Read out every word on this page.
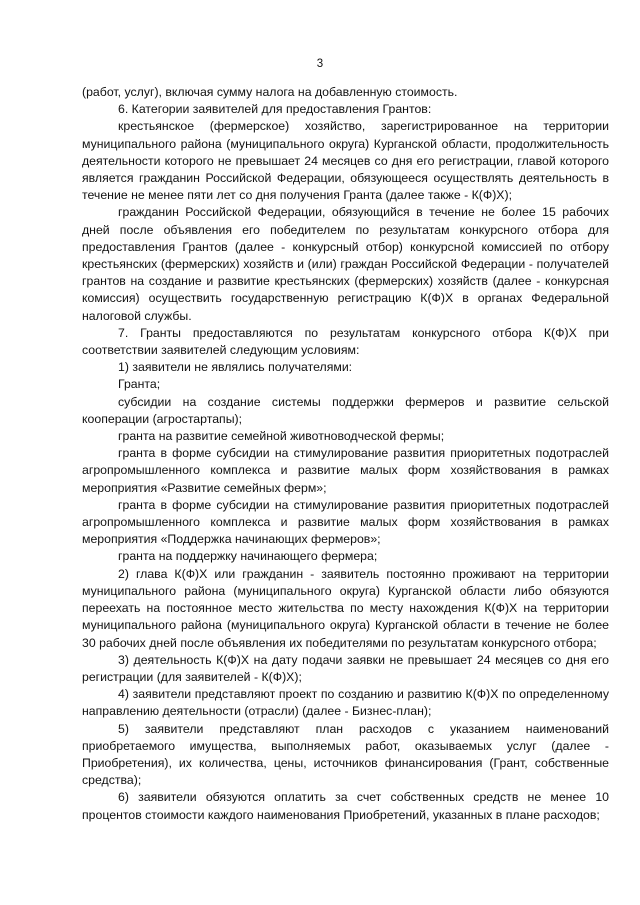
3

(работ, услуг), включая сумму налога на добавленную стоимость.

6. Категории заявителей для предоставления Грантов:

крестьянское (фермерское) хозяйство, зарегистрированное на территории муниципального района (муниципального округа) Курганской области, продолжительность деятельности которого не превышает 24 месяцев со дня его регистрации, главой которого является гражданин Российской Федерации, обязующееся осуществлять деятельность в течение не менее пяти лет со дня получения Гранта (далее также - К(Ф)Х);

гражданин Российской Федерации, обязующийся в течение не более 15 рабочих дней после объявления его победителем по результатам конкурсного отбора для предоставления Грантов (далее - конкурсный отбор) конкурсной комиссией по отбору крестьянских (фермерских) хозяйств и (или) граждан Российской Федерации - получателей грантов на создание и развитие крестьянских (фермерских) хозяйств (далее - конкурсная комиссия) осуществить государственную регистрацию К(Ф)Х в органах Федеральной налоговой службы.

7. Гранты предоставляются по результатам конкурсного отбора К(Ф)Х при соответствии заявителей следующим условиям:

1) заявители не являлись получателями:

Гранта;

субсидии на создание системы поддержки фермеров и развитие сельской кооперации (агростартапы);

гранта на развитие семейной животноводческой фермы;

гранта в форме субсидии на стимулирование развития приоритетных подотраслей агропромышленного комплекса и развитие малых форм хозяйствования в рамках мероприятия «Развитие семейных ферм»;

гранта в форме субсидии на стимулирование развития приоритетных подотраслей агропромышленного комплекса и развитие малых форм хозяйствования в рамках мероприятия «Поддержка начинающих фермеров»;

гранта на поддержку начинающего фермера;

2) глава К(Ф)Х или гражданин - заявитель постоянно проживают на территории муниципального района (муниципального округа) Курганской области либо обязуются переехать на постоянное место жительства по месту нахождения К(Ф)Х на территории муниципального района (муниципального округа) Курганской области в течение не более 30 рабочих дней после объявления их победителями по результатам конкурсного отбора;

3) деятельность К(Ф)Х на дату подачи заявки не превышает 24 месяцев со дня его регистрации (для заявителей - К(Ф)Х);

4) заявители представляют проект по созданию и развитию К(Ф)Х по определенному направлению деятельности (отрасли) (далее - Бизнес-план);

5) заявители представляют план расходов с указанием наименований приобретаемого имущества, выполняемых работ, оказываемых услуг (далее - Приобретения), их количества, цены, источников финансирования (Грант, собственные средства);

6) заявители обязуются оплатить за счет собственных средств не менее 10 процентов стоимости каждого наименования Приобретений, указанных в плане расходов;
